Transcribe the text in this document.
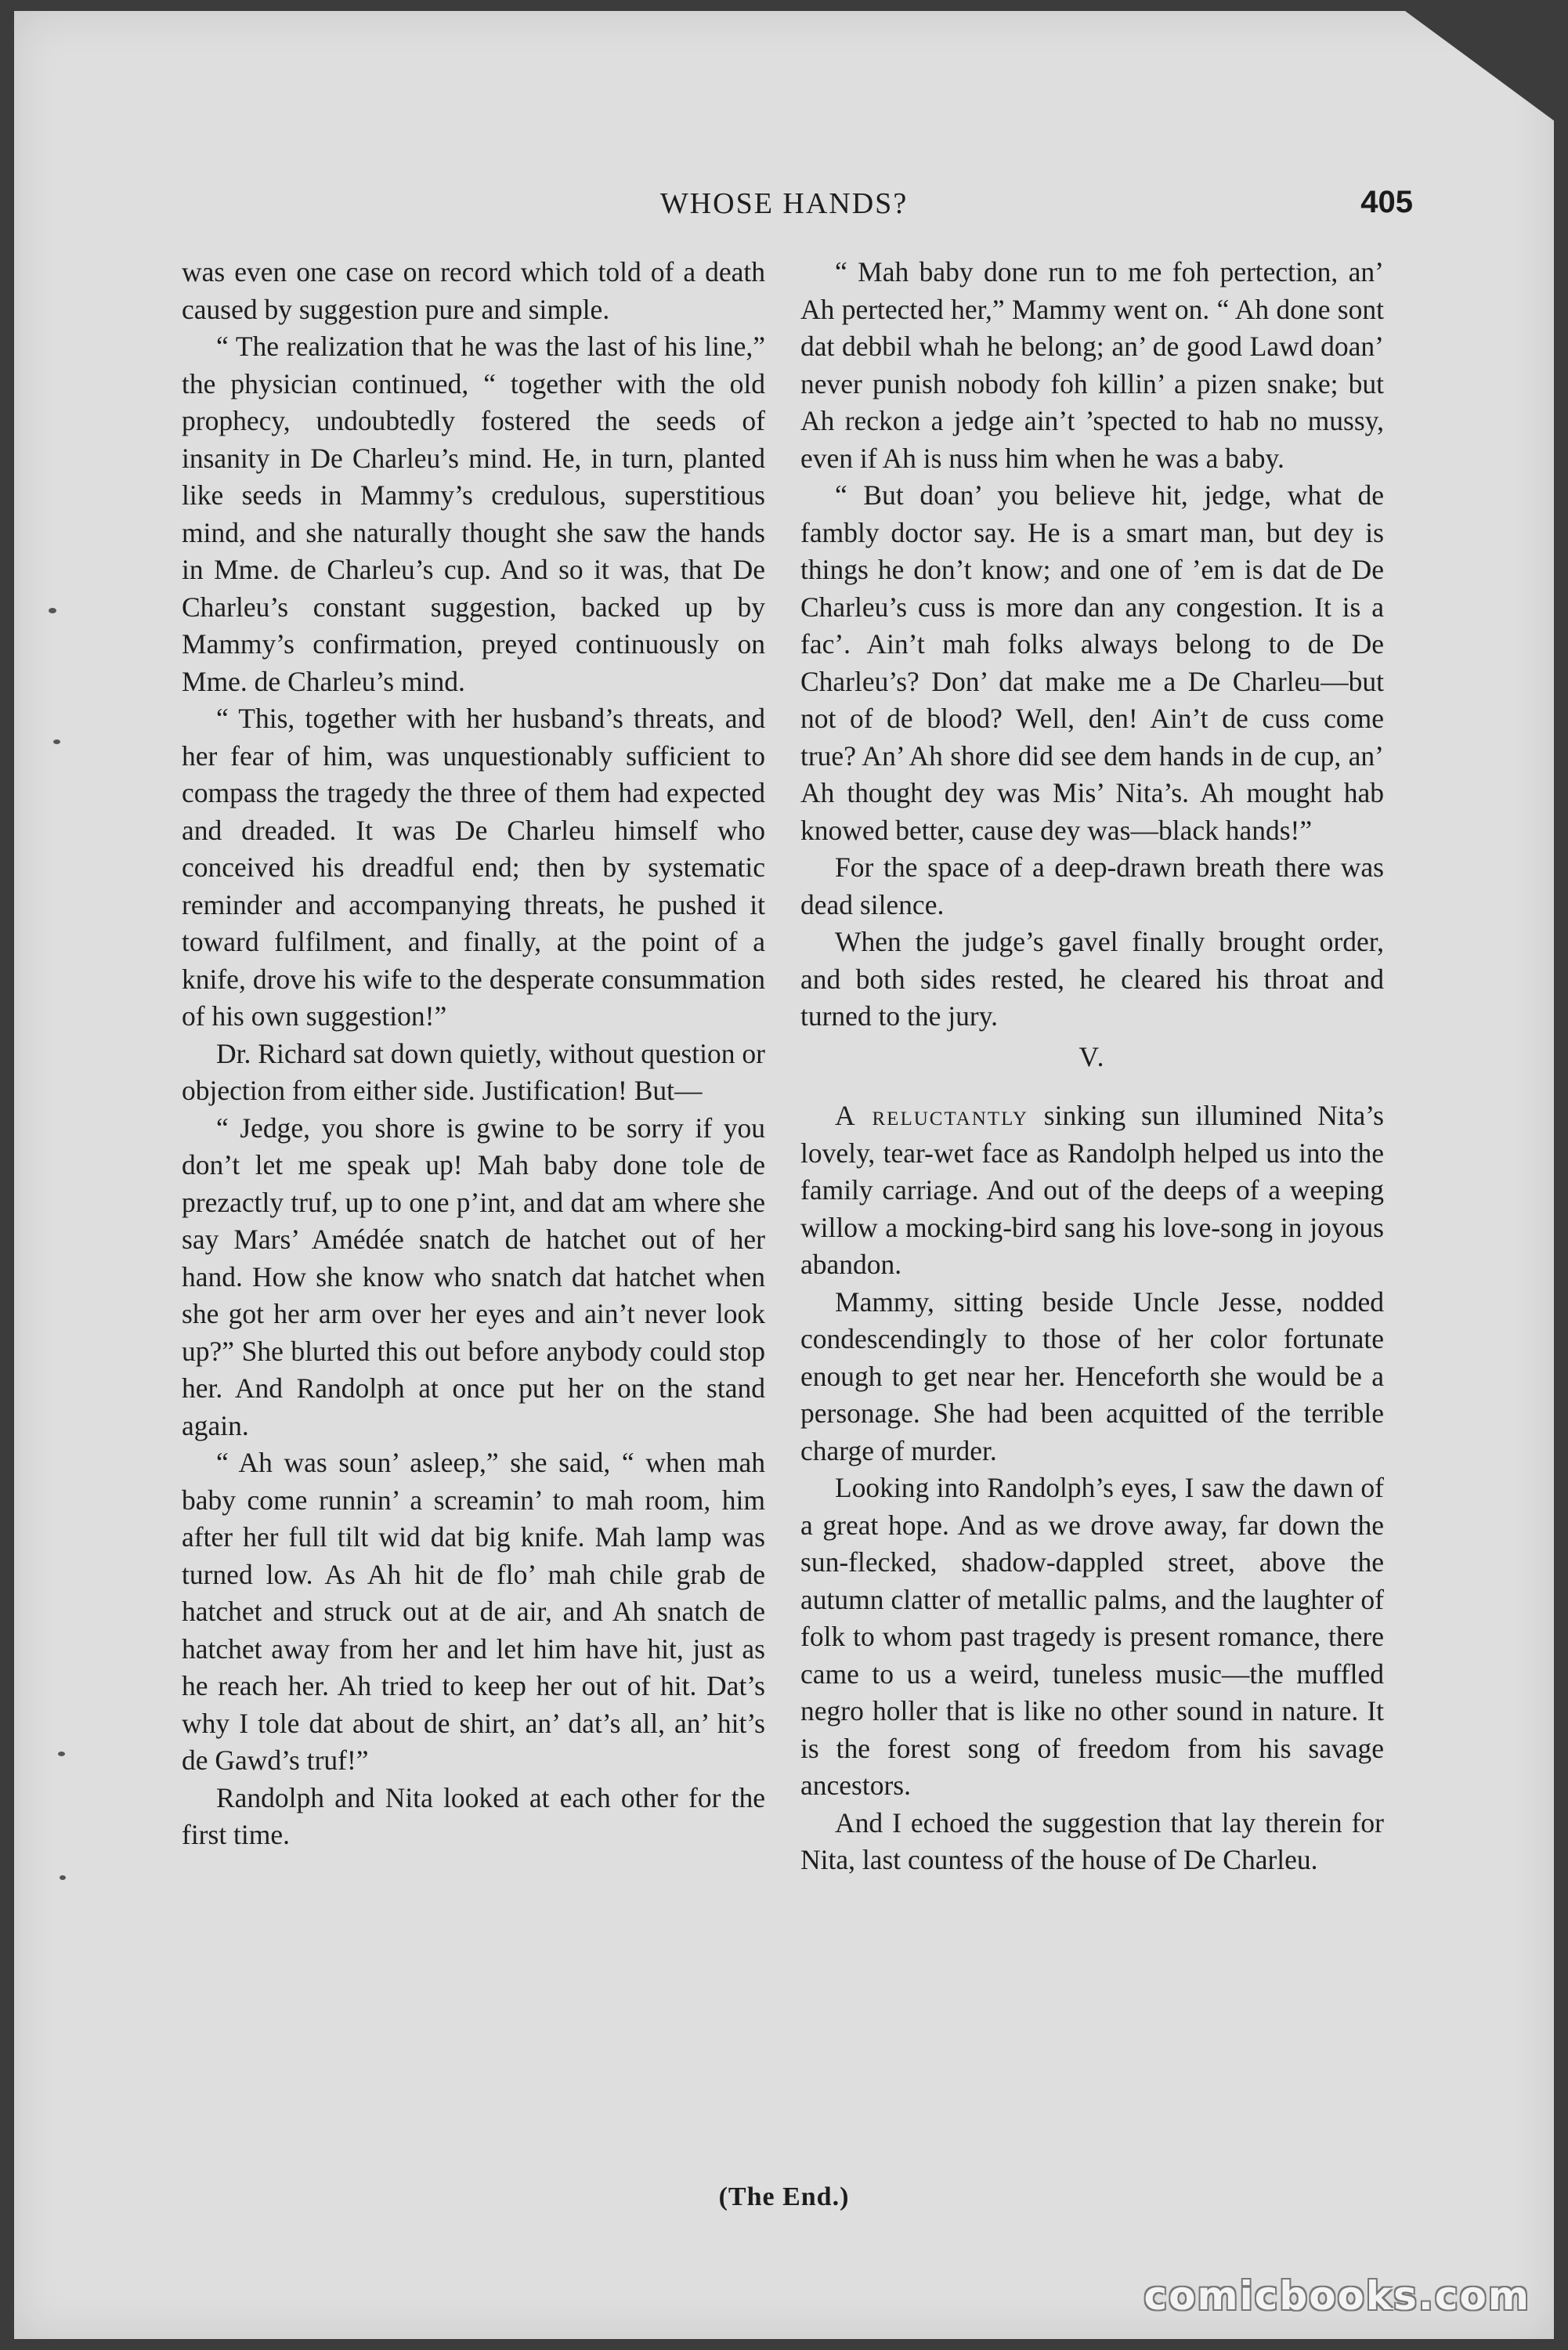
WHOSE HANDS?	405

was even one case on record which told of a death caused by suggestion pure and simple.

“ The realization that he was the last of his line,” the physician continued, “ together with the old prophecy, undoubtedly fostered the seeds of insanity in De Charleu’s mind. He, in turn, planted like seeds in Mammy’s credulous, superstitious mind, and she naturally thought she saw the hands in Mme. de Charleu’s cup. And so it was, that De Charleu’s constant suggestion, backed up by Mammy’s confirmation, preyed continuously on Mme. de Charleu’s mind.

“ This, together with her husband’s threats, and her fear of him, was unquestionably sufficient to compass the tragedy the three of them had expected and dreaded. It was De Charleu himself who conceived his dreadful end; then by systematic reminder and accompanying threats, he pushed it toward fulfilment, and finally, at the point of a knife, drove his wife to the desperate consummation of his own suggestion!”

Dr. Richard sat down quietly, without question or objection from either side. Justification! But—

“ Jedge, you shore is gwine to be sorry if you don’t let me speak up! Mah baby done tole de prezactly truf, up to one p’int, and dat am where she say Mars’ Amédée snatch de hatchet out of her hand. How she know who snatch dat hatchet when she got her arm over her eyes and ain’t never look up?” She blurted this out before anybody could stop her. And Randolph at once put her on the stand again.

“ Ah was soun’ asleep,” she said, “ when mah baby come runnin’ a screamin’ to mah room, him after her full tilt wid dat big knife. Mah lamp was turned low. As Ah hit de flo’ mah chile grab de hatchet and struck out at de air, and Ah snatch de hatchet away from her and let him have hit, just as he reach her. Ah tried to keep her out of hit. Dat’s why I tole dat about de shirt, an’ dat’s all, an’ hit’s de Gawd’s truf!”

Randolph and Nita looked at each other for the first time.

“ Mah baby done run to me foh pertection, an’ Ah pertected her,” Mammy went on. “ Ah done sont dat debbil whah he belong; an’ de good Lawd doan’ never punish nobody foh killin’ a pizen snake; but Ah reckon a jedge ain’t ’spected to hab no mussy, even if Ah is nuss him when he was a baby.

“ But doan’ you believe hit, jedge, what de fambly doctor say. He is a smart man, but dey is things he don’t know; and one of ’em is dat de De Charleu’s cuss is more dan any congestion. It is a fac’. Ain’t mah folks always belong to de De Charleu’s? Don’ dat make me a De Charleu—but not of de blood? Well, den! Ain’t de cuss come true? An’ Ah shore did see dem hands in de cup, an’ Ah thought dey was Mis’ Nita’s. Ah mought hab knowed better, cause dey was—black hands!”

For the space of a deep-drawn breath there was dead silence.

When the judge’s gavel finally brought order, and both sides rested, he cleared his throat and turned to the jury.

V.

A reluctantly sinking sun illumined Nita’s lovely, tear-wet face as Randolph helped us into the family carriage. And out of the deeps of a weeping willow a mocking-bird sang his love-song in joyous abandon.

Mammy, sitting beside Uncle Jesse, nodded condescendingly to those of her color fortunate enough to get near her. Henceforth she would be a personage. She had been acquitted of the terrible charge of murder.

Looking into Randolph’s eyes, I saw the dawn of a great hope. And as we drove away, far down the sun-flecked, shadow-dappled street, above the autumn clatter of metallic palms, and the laughter of folk to whom past tragedy is present romance, there came to us a weird, tuneless music—the muffled negro holler that is like no other sound in nature. It is the forest song of freedom from his savage ancestors.

And I echoed the suggestion that lay therein for Nita, last countess of the house of De Charleu.

(The End.)
comicbooks.com
